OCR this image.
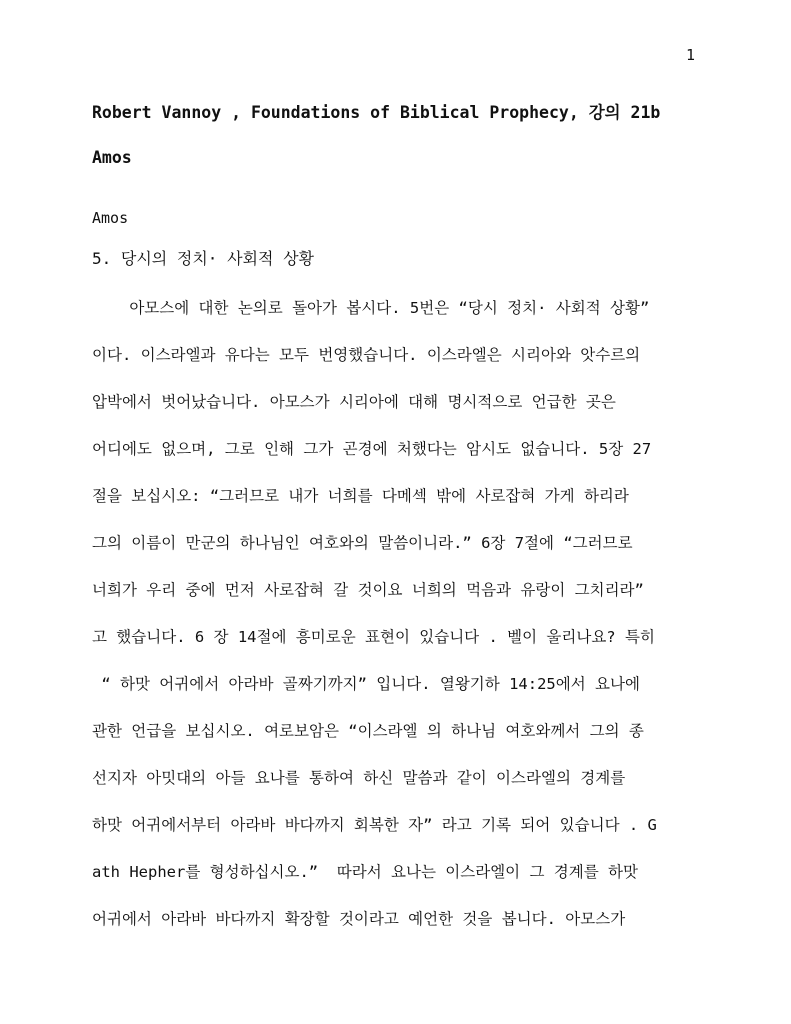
1
Robert Vannoy , Foundations of Biblical Prophecy, 강의 21b
Amos
Amos
5. 당시의 정치· 사회적 상황
아모스에 대한 논의로 돌아가 봅시다. 5번은 “당시 정치· 사회적 상황”
이다. 이스라엘과 유다는 모두 번영했습니다. 이스라엘은 시리아와 앗수르의
압박에서 벗어났습니다. 아모스가 시리아에 대해 명시적으로 언급한 곳은
어디에도 없으며, 그로 인해 그가 곤경에 처했다는 암시도 없습니다. 5장 27
절을 보십시오: “그러므로 내가 너희를 다메섹 밖에 사로잡혀 가게 하리라
그의 이름이 만군의 하나님인 여호와의 말씀이니라.” 6장 7절에 “그러므로
너희가 우리 중에 먼저 사로잡혀 갈 것이요 너희의 먹음과 유랑이 그치리라”
고 했습니다. 6 장 14절에 흥미로운 표현이 있습니다 . 벨이 울리나요? 특히
“ 하맛 어귀에서 아라바 골짜기까지” 입니다. 열왕기하 14:25에서 요나에
관한 언급을 보십시오. 여로보암은 “이스라엘 의 하나님 여호와께서 그의 종
선지자 아밋대의 아들 요나를 통하여 하신 말씀과 같이 이스라엘의 경계를
하맛 어귀에서부터 아라바 바다까지 회복한 자” 라고 기록 되어 있습니다 . G
ath Hepher를 형성하십시오.”  따라서 요나는 이스라엘이 그 경계를 하맛
어귀에서 아라바 바다까지 확장할 것이라고 예언한 것을 봅니다. 아모스가
